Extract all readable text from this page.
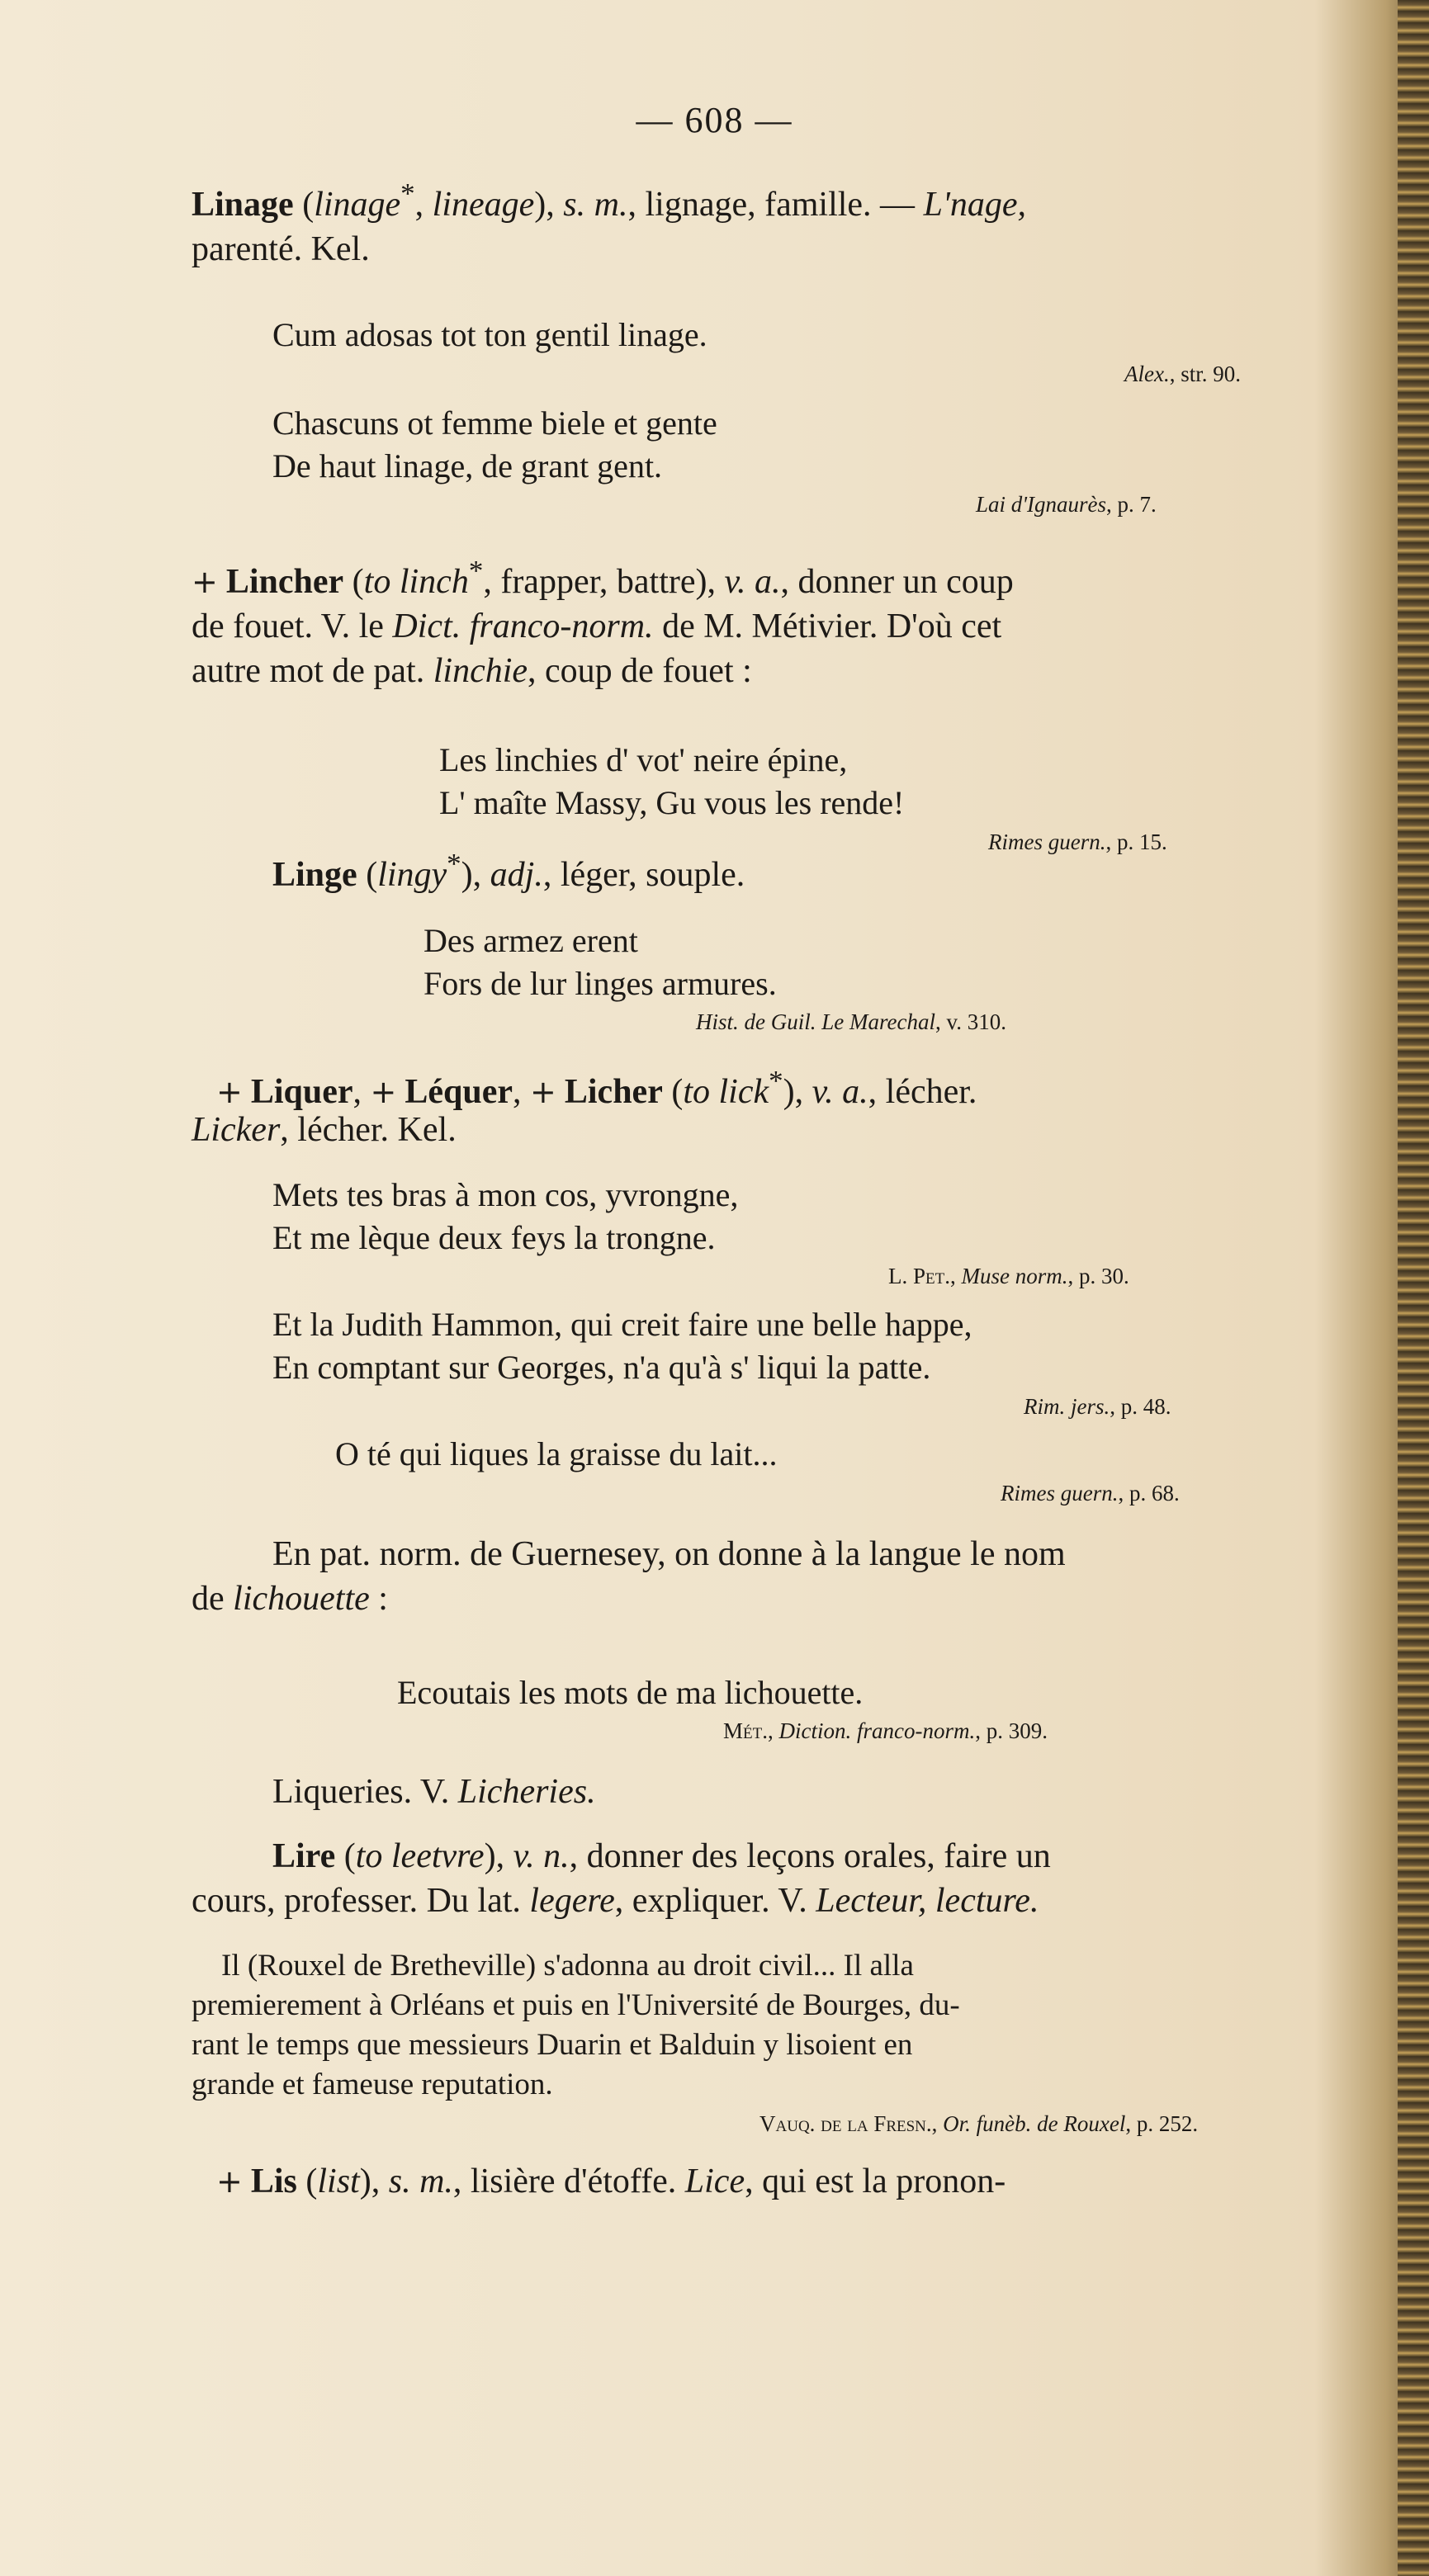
— 608 —

Linage (linage*, lineage), s. m., lignage, famille. — L'nage,
parenté. Kel.

Cum adosas tot ton gentil linage.
Alex., str. 90.
Chascuns ot femme biele et gente
De haut linage, de grant gent.
Lai d'Ignaurès, p. 7.

+ Lincher (to linch*, frapper, battre), v. a., donner un coup
de fouet. V. le Dict. franco-norm. de M. Métivier. D'où cet
autre mot de pat. linchie, coup de fouet :

Les linchies d' vot' neire épine,
L' maîte Massy, Gu vous les rende!
Rimes guern., p. 15.

Linge (lingy*), adj., léger, souple.

Des armez erent
Fors de lur linges armures.
Hist. de Guil. Le Marechal, v. 310.

+ Liquer, + Léquer, + Licher (to lick*), v. a., lécher.

Licker, lécher. Kel.

Mets tes bras à mon cos, yvrongne,
Et me lèque deux feys la trongne.
L. Pet., Muse norm., p. 30.
Et la Judith Hammon, qui creit faire une belle happe,
En comptant sur Georges, n'a qu'à s' liqui la patte.
Rim. jers., p. 48.
O té qui liques la graisse du lait...
Rimes guern., p. 68.

En pat. norm. de Guernesey, on donne à la langue le nom

de lichouette :

Ecoutais les mots de ma lichouette.
Mét., Diction. franco-norm., p. 309.

Liqueries. V. Licheries.

Lire (to leetvre), v. n., donner des leçons orales, faire un

cours, professer. Du lat. legere, expliquer. V. Lecteur, lecture.

Il (Rouxel de Bretheville) s'adonna au droit civil... Il alla
premierement à Orléans et puis en l'Université de Bourges, du-
rant le temps que messieurs Duarin et Balduin y lisoient en
grande et fameuse reputation.
Vauq. de la Fresn., Or. funèb. de Rouxel, p. 252.

+ Lis (list), s. m., lisière d'étoffe. Lice, qui est la pronon-
